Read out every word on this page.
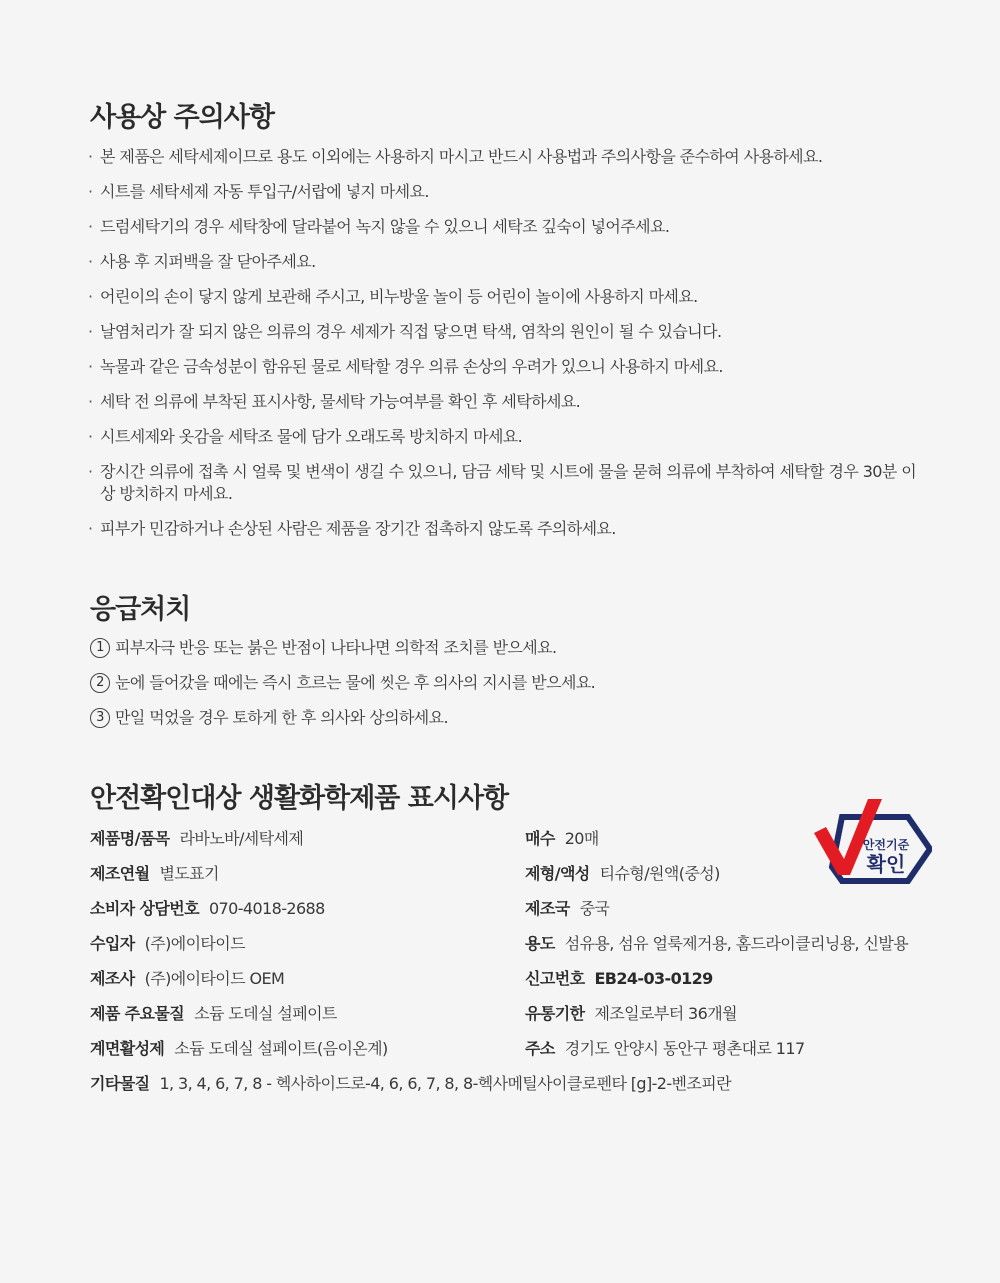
사용상 주의사항
· 본 제품은 세탁세제이므로 용도 이외에는 사용하지 마시고 반드시 사용법과 주의사항을 준수하여 사용하세요.
· 시트를 세탁세제 자동 투입구/서랍에 넣지 마세요.
· 드럼세탁기의 경우 세탁창에 달라붙어 녹지 않을 수 있으니 세탁조 깊숙이 넣어주세요.
· 사용 후 지퍼백을 잘 닫아주세요.
· 어린이의 손이 닿지 않게 보관해 주시고, 비누방울 놀이 등 어린이 놀이에 사용하지 마세요.
· 날염처리가 잘 되지 않은 의류의 경우 세제가 직접 닿으면 탁색, 염착의 원인이 될 수 있습니다.
· 녹물과 같은 금속성분이 함유된 물로 세탁할 경우 의류 손상의 우려가 있으니 사용하지 마세요.
· 세탁 전 의류에 부착된 표시사항, 물세탁 가능여부를 확인 후 세탁하세요.
· 시트세제와 옷감을 세탁조 물에 담가 오래도록 방치하지 마세요.
· 장시간 의류에 접촉 시 얼룩 및 변색이 생길 수 있으니, 담금 세탁 및 시트에 물을 묻혀 의류에 부착하여 세탁할 경우 30분 이상 방치하지 마세요.
· 피부가 민감하거나 손상된 사람은 제품을 장기간 접촉하지 않도록 주의하세요.
응급처치
1 피부자극 반응 또는 붉은 반점이 나타나면 의학적 조치를 받으세요.
2 눈에 들어갔을 때에는 즉시 흐르는 물에 씻은 후 의사의 지시를 받으세요.
3 만일 먹었을 경우 토하게 한 후 의사와 상의하세요.
안전확인대상 생활화학제품 표시사항
제품명/품목 라바노바/세탁세제
제조연월 별도표기
소비자 상담번호 070-4018-2688
수입자 (주)에이타이드
제조사 (주)에이타이드 OEM
제품 주요물질 소듐 도데실 설페이트
계면활성제 소듐 도데실 설페이트(음이온계)
기타물질 1, 3, 4, 6, 7, 8 - 헥사하이드로-4, 6, 6, 7, 8, 8-헥사메틸사이클로펜타 [g]-2-벤조피란
매수 20매
제형/액성 티슈형/원액(중성)
제조국 중국
용도 섬유용, 섬유 얼룩제거용, 홈드라이클리닝용, 신발용
신고번호 EB24-03-0129
유통기한 제조일로부터 36개월
주소 경기도 안양시 동안구 평촌대로 117
안전기준
확인
